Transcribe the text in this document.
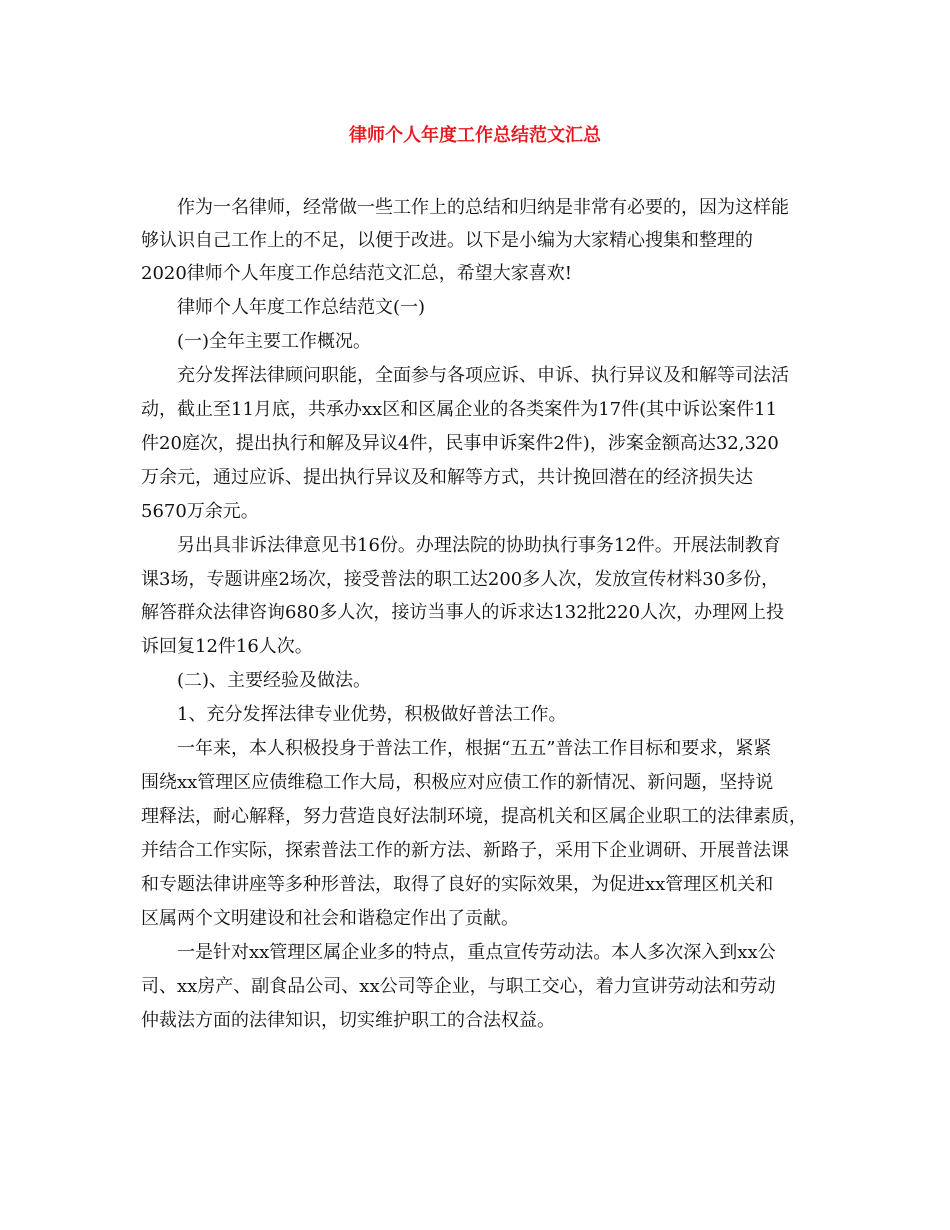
律师个人年度工作总结范文汇总

作为一名律师，经常做一些工作上的总结和归纳是非常有必要的，因为这样能

够认识自己工作上的不足，以便于改进。以下是小编为大家精心搜集和整理的

2020律师个人年度工作总结范文汇总，希望大家喜欢!

律师个人年度工作总结范文(一)

(一)全年主要工作概况。

充分发挥法律顾问职能，全面参与各项应诉、申诉、执行异议及和解等司法活

动，截止至11月底，共承办xx区和区属企业的各类案件为17件(其中诉讼案件11

件20庭次，提出执行和解及异议4件，民事申诉案件2件)，涉案金额高达32,320

万余元，通过应诉、提出执行异议及和解等方式，共计挽回潜在的经济损失达

5670万余元。

另出具非诉法律意见书16份。办理法院的协助执行事务12件。开展法制教育

课3场，专题讲座2场次，接受普法的职工达200多人次，发放宣传材料30多份，

解答群众法律咨询680多人次，接访当事人的诉求达132批220人次，办理网上投

诉回复12件16人次。

(二)、主要经验及做法。

1、充分发挥法律专业优势，积极做好普法工作。

一年来，本人积极投身于普法工作，根据“五五”普法工作目标和要求，紧紧

围绕xx管理区应债维稳工作大局，积极应对应债工作的新情况、新问题，坚持说

理释法，耐心解释，努力营造良好法制环境，提高机关和区属企业职工的法律素质，

并结合工作实际，探索普法工作的新方法、新路子，采用下企业调研、开展普法课

和专题法律讲座等多种形普法，取得了良好的实际效果，为促进xx管理区机关和

区属两个文明建设和社会和谐稳定作出了贡献。

一是针对xx管理区属企业多的特点，重点宣传劳动法。本人多次深入到xx公

司、xx房产、副食品公司、xx公司等企业，与职工交心，着力宣讲劳动法和劳动

仲裁法方面的法律知识，切实维护职工的合法权益。
